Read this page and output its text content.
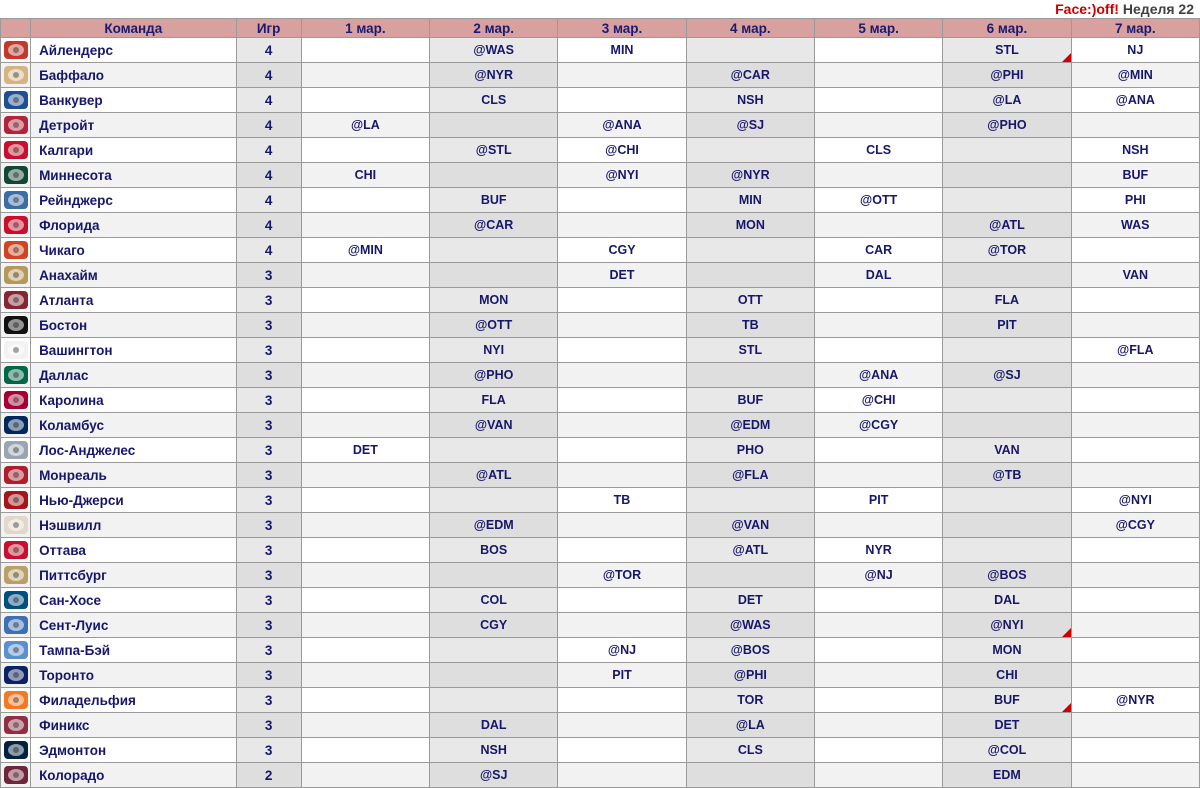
Face:)off! Неделя 22
	Команда	Игр	1 мар.	2 мар.	3 мар.	4 мар.	5 мар.	6 мар.	7 мар.

	Айлендерс	4		@WAS	MIN			STL	NJ

	Баффало	4		@NYR		@CAR		@PHI	@MIN

	Ванкувер	4		CLS		NSH		@LA	@ANA

	Детройт	4	@LA		@ANA	@SJ		@PHO	

	Калгари	4		@STL	@CHI		CLS		NSH

	Миннесота	4	CHI		@NYI	@NYR			BUF

	Рейнджерс	4		BUF		MIN	@OTT		PHI

	Флорида	4		@CAR		MON		@ATL	WAS

	Чикаго	4	@MIN		CGY		CAR	@TOR	

	Анахайм	3			DET		DAL		VAN

	Атланта	3		MON		OTT		FLA	

	Бостон	3		@OTT		TB		PIT	

	Вашингтон	3		NYI		STL			@FLA

	Даллас	3		@PHO			@ANA	@SJ	

	Каролина	3		FLA		BUF	@CHI		

	Коламбус	3		@VAN		@EDM	@CGY		

	Лос-Анджелес	3	DET			PHO		VAN	

	Монреаль	3		@ATL		@FLA		@TB	

	Нью-Джерси	3			TB		PIT		@NYI

	Нэшвилл	3		@EDM		@VAN			@CGY

	Оттава	3		BOS		@ATL	NYR		

	Питтсбург	3			@TOR		@NJ	@BOS	

	Сан-Хосе	3		COL		DET		DAL	

	Сент-Луис	3		CGY		@WAS		@NYI	

	Тампа-Бэй	3			@NJ	@BOS		MON	

	Торонто	3			PIT	@PHI		CHI	

	Филадельфия	3				TOR		BUF	@NYR

	Финикс	3		DAL		@LA		DET	

	Эдмонтон	3		NSH		CLS		@COL	

	Колорадо	2		@SJ				EDM	
